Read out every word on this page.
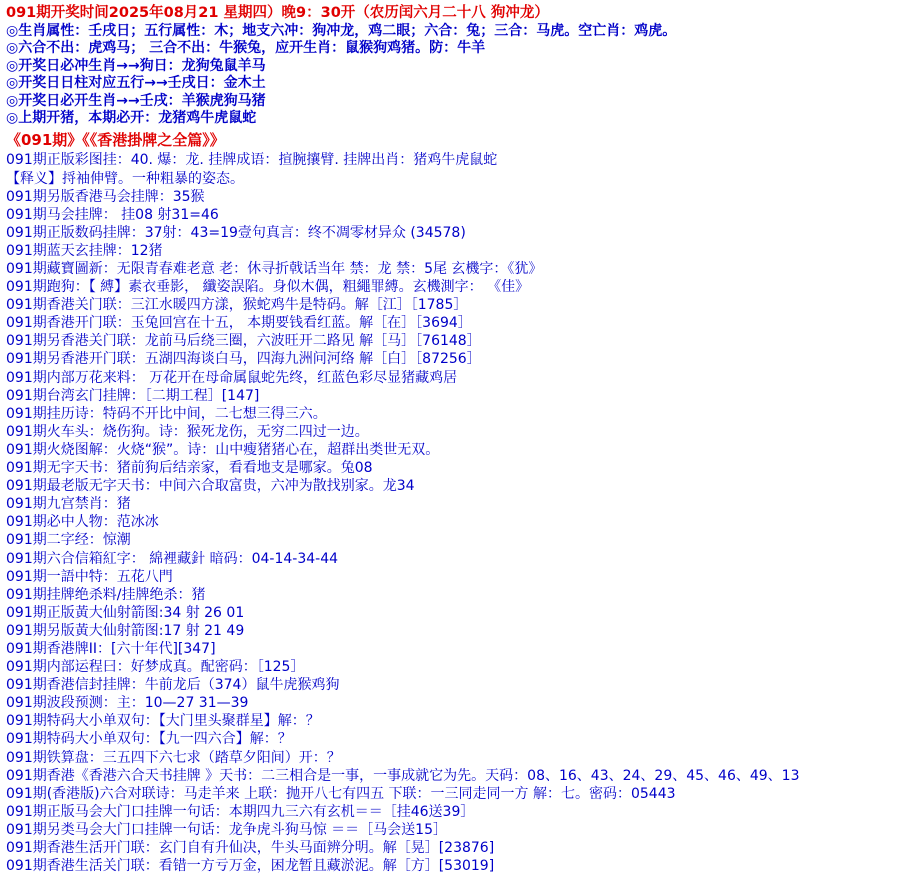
091期开奖时间2025年08月21 星期四）晚9：30开（农历闰六月二十八 狗冲龙）
◎生肖属性：壬戌日；五行属性：木；地支六冲：狗冲龙，鸡二眼；六合：兔；三合：马虎。空亡肖：鸡虎。
◎六合不出：虎鸡马； 三合不出：牛猴兔，应开生肖：鼠猴狗鸡猪。防：牛羊
◎开奖日必冲生肖→→狗日：龙狗兔鼠羊马
◎开奖日日柱对应五行→→壬戌日：金木土
◎开奖日必开生肖→→壬戌：羊猴虎狗马猪
◎上期开猪，本期必开：龙猪鸡牛虎鼠蛇
《091期》《《香港掛牌之全篇》》
091期正版彩图挂：40. 爆：龙. 挂牌成语：揎腕攘臂. 挂牌出肖：猪鸡牛虎鼠蛇
【释义】捋袖伸臂。一种粗暴的姿态。
091期另版香港马会挂牌：35猴
091期马会挂牌： 挂08 射31=46
091期正版数码挂牌：37射：43=19壹句真言：终不凋零材异众 (34578)
091期蓝天玄挂牌：12猪
091期藏寶圖新：无限青春难老意 老：休寻折戟话当年 禁：龙 禁：5尾 玄機字：《犹》
091期跑狗：【 縛】素衣垂影， 纖姿誤陷。身似木偶，粗繩罪縛。玄機測字： 《佳》
091期香港关门联：三江水暖四方漾，猴蛇鸡牛是特码。解［江］［1785］
091期香港开门联：玉兔回宫在十五， 本期要钱看红蓝。解［在］［3694］
091期另香港关门联：龙前马后绕三圈，六波旺开二路见 解［马］［76148］
091期另香港开门联：五湖四海谈白马，四海九洲问河络 解［白］［87256］
091期内部万花来料： 万花开在母命属鼠蛇先终，红蓝色彩尽显猪藏鸡居
091期台湾玄门挂牌：［二期工程］[147]
091期挂历诗：特码不开比中间，二七想三得三六。
091期火车头：烧伤狗。诗：猴死龙伤，无穷二四过一边。
091期火烧图解：火烧“猴”。诗：山中瘦猪猪心在，超群出类世无双。
091期无字天书：猪前狗后结亲家，看看地支是哪家。兔08
091期最老版无字天书：中间六合取富贵，六冲为散找别家。龙34
091期九宫禁肖：猪
091期必中人物：范冰冰
091期二字经：惊潮
091期六合信箱紅字： 綿裡藏針 暗码：04-14-34-44
091期一語中特：五花八門
091期挂牌绝杀料/挂牌绝杀：猪
091期正版黃大仙射箭图:34 射 26 01
091期另版黃大仙射箭图:17 射 21 49
091期香港牌II：[六十年代][347]
091期内部运程曰：好梦成真。配密码：［125］
091期香港信封挂牌：牛前龙后（374）鼠牛虎猴鸡狗
091期波段预测：主：10—27 31—39
091期特码大小单双句：【大门里头聚群星】解：？
091期特码大小单双句：【九一四六合】解：？
091期铁算盘：三五四下六七求（踏草夕阳间）开：？
091期香港《香港六合天书挂牌 》天书：二三相合是一事，一事成就它为先。天码：08、16、43、24、29、45、46、49、13
091期(香港版)六合对联诗：马走羊来 上联：抛开八七有四五 下联：一三同走同一方 解：七。密码：05443
091期正版马会大门口挂牌一句话：本期四九三六有玄机＝＝［挂46送39］
091期另类马会大门口挂牌一句话：龙争虎斗狗马惊 ＝＝［马会送15］
091期香港生活开门联：玄门自有升仙决，牛头马面辨分明。解［晃］[23876]
091期香港生活关门联：看错一方亏万金，困龙暂且藏淤泥。解［方］[53019]
